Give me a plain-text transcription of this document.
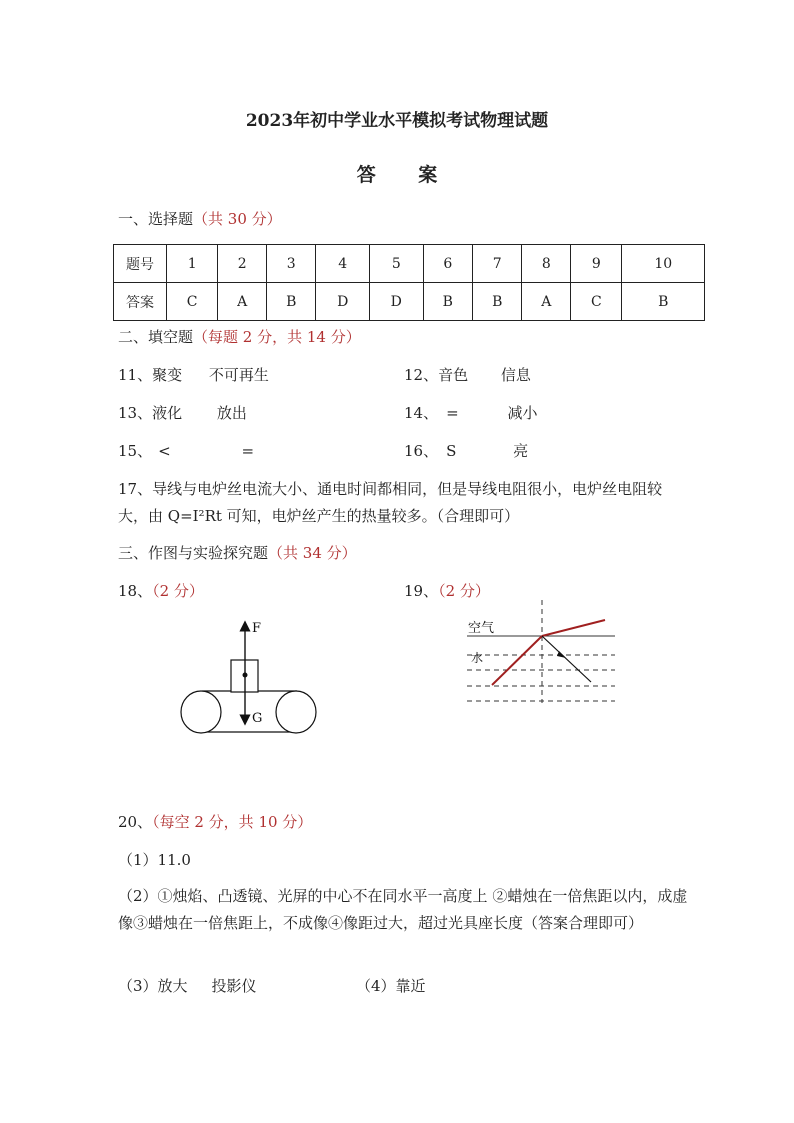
2023年初中学业水平模拟考试物理试题
答 案
一、选择题（共 30 分）
题号	1	2	3	4	5	6	7	8	9	10
答案	C	A	B	D	D	B	B	A	C	B
二、填空题（每题 2 分，共 14 分）
11、聚变 不可再生	12、音色 信息
13、液化 放出	14、 =	减小
15、 <	=	16、 S	亮
17、导线与电炉丝电流大小、通电时间都相同，但是导线电阻很小，电炉丝电阻较大，由 Q=I²Rt 可知，电炉丝产生的热量较多。（合理即可）
三、作图与实验探究题（共 34 分）
18、（2 分）	19、（2 分）
F
G
空气
水
20、（每空 2 分，共 10 分）
（1）11.0
（2）①烛焰、凸透镜、光屏的中心不在同水平一高度上 ②蜡烛在一倍焦距以内，成虚像③蜡烛在一倍焦距上，不成像④像距过大，超过光具座长度（答案合理即可）
（3）放大 投影仪	（4）靠近
